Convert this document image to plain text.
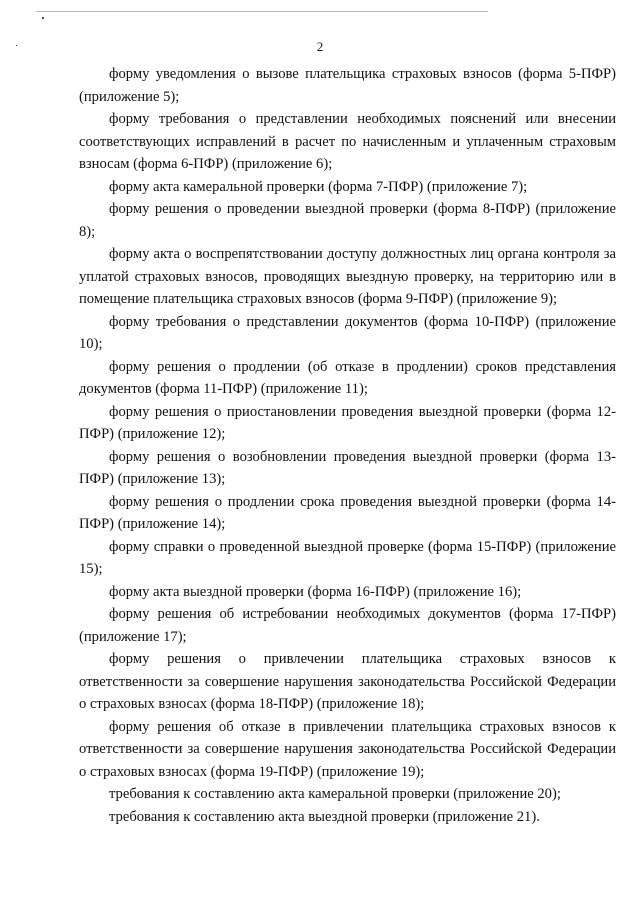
2

форму уведомления о вызове плательщика страховых взносов (форма 5-ПФР) (приложение 5);

форму требования о представлении необходимых пояснений или внесении соответствующих исправлений в расчет по начисленным и уплаченным страховым взносам (форма 6-ПФР) (приложение 6);

форму акта камеральной проверки (форма 7-ПФР) (приложение 7);

форму решения о проведении выездной проверки (форма 8-ПФР) (приложение 8);

форму акта о воспрепятствовании доступу должностных лиц органа контроля за уплатой страховых взносов, проводящих выездную проверку, на территорию или в помещение плательщика страховых взносов (форма 9-ПФР) (приложение 9);

форму требования о представлении документов (форма 10-ПФР) (приложение 10);

форму решения о продлении (об отказе в продлении) сроков представления документов (форма 11-ПФР) (приложение 11);

форму решения о приостановлении проведения выездной проверки (форма 12-ПФР) (приложение 12);

форму решения о возобновлении проведения выездной проверки (форма 13-ПФР) (приложение 13);

форму решения о продлении срока проведения выездной проверки (форма 14-ПФР) (приложение 14);

форму справки о проведенной выездной проверке (форма 15-ПФР) (приложение 15);

форму акта выездной проверки (форма 16-ПФР) (приложение 16);

форму решения об истребовании необходимых документов (форма 17-ПФР) (приложение 17);

форму решения о привлечении плательщика страховых взносов к ответственности за совершение нарушения законодательства Российской Федерации о страховых взносах (форма 18-ПФР) (приложение 18);

форму решения об отказе в привлечении плательщика страховых взносов к ответственности за совершение нарушения законодательства Российской Федерации о страховых взносах (форма 19-ПФР) (приложение 19);

требования к составлению акта камеральной проверки (приложение 20);

требования к составлению акта выездной проверки (приложение 21).
